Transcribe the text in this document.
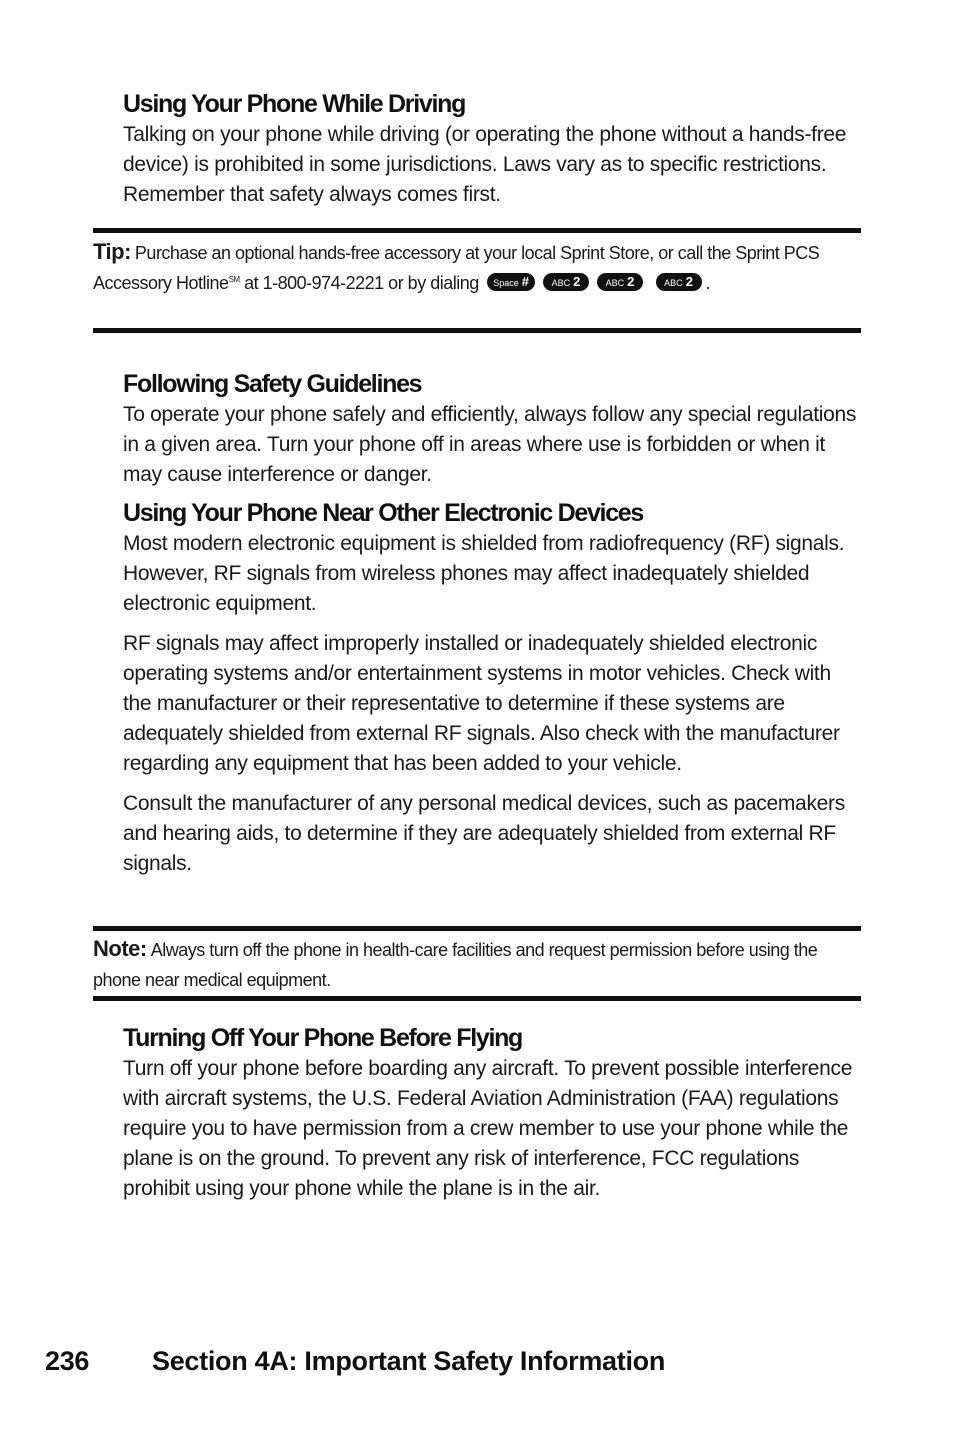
Using Your Phone While Driving

Talking on your phone while driving (or operating the phone without a hands-free device) is prohibited in some jurisdictions. Laws vary as to specific restrictions. Remember that safety always comes first.

Tip: Purchase an optional hands-free accessory at your local Sprint Store, or call the Sprint PCS Accessory Hotline℠ at 1-800-974-2221 or by dialing Space #	ABC 2	ABC 2	ABC 2 .
Following Safety Guidelines

To operate your phone safely and efficiently, always follow any special regulations in a given area. Turn your phone off in areas where use is forbidden or when it may cause interference or danger.

Using Your Phone Near Other Electronic Devices

Most modern electronic equipment is shielded from radiofrequency (RF) signals. However, RF signals from wireless phones may affect inadequately shielded electronic equipment.

RF signals may affect improperly installed or inadequately shielded electronic operating systems and/or entertainment systems in motor vehicles. Check with the manufacturer or their representative to determine if these systems are adequately shielded from external RF signals. Also check with the manufacturer regarding any equipment that has been added to your vehicle.

Consult the manufacturer of any personal medical devices, such as pacemakers and hearing aids, to determine if they are adequately shielded from external RF signals.

Note: Always turn off the phone in health-care facilities and request permission before using the phone near medical equipment.
Turning Off Your Phone Before Flying

Turn off your phone before boarding any aircraft. To prevent possible interference with aircraft systems, the U.S. Federal Aviation Administration (FAA) regulations require you to have permission from a crew member to use your phone while the plane is on the ground. To prevent any risk of interference, FCC regulations prohibit using your phone while the plane is in the air.

236 Section 4A: Important Safety Information
